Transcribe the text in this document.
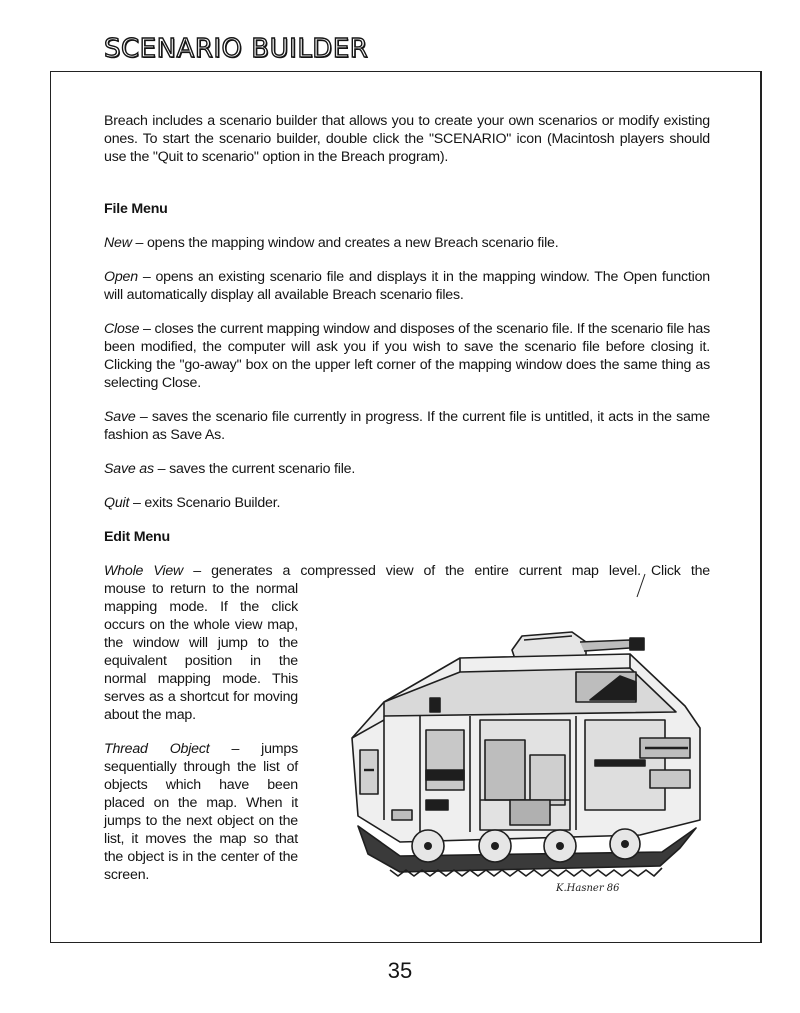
SCENARIO BUILDER

Breach includes a scenario builder that allows you to create your own scenarios or modify existing ones. To start the scenario builder, double click the "SCENARIO" icon (Macintosh players should use the "Quit to scenario" option in the Breach program).

File Menu

New – opens the mapping window and creates a new Breach scenario file.

Open – opens an existing scenario file and displays it in the mapping window. The Open function will automatically display all available Breach scenario files.

Close – closes the current mapping window and disposes of the scenario file. If the scenario file has been modified, the computer will ask you if you wish to save the scenario file before closing it. Clicking the "go-away" box on the upper left corner of the mapping window does the same thing as selecting Close.

Save – saves the scenario file currently in progress. If the current file is untitled, it acts in the same fashion as Save As.

Save as – saves the current scenario file.

Quit – exits Scenario Builder.

Edit Menu

Whole View – generates a compressed view of the entire current map level. Click the

mouse to return to the normal mapping mode. If the click occurs on the whole view map, the window will jump to the equivalent position in the normal mapping mode. This serves as a shortcut for moving about the map.

Thread Object – jumps sequentially through the list of objects which have been placed on the map. When it jumps to the next object on the list, it moves the map so that the object is in the center of the screen.

K.Hasner 86
35
